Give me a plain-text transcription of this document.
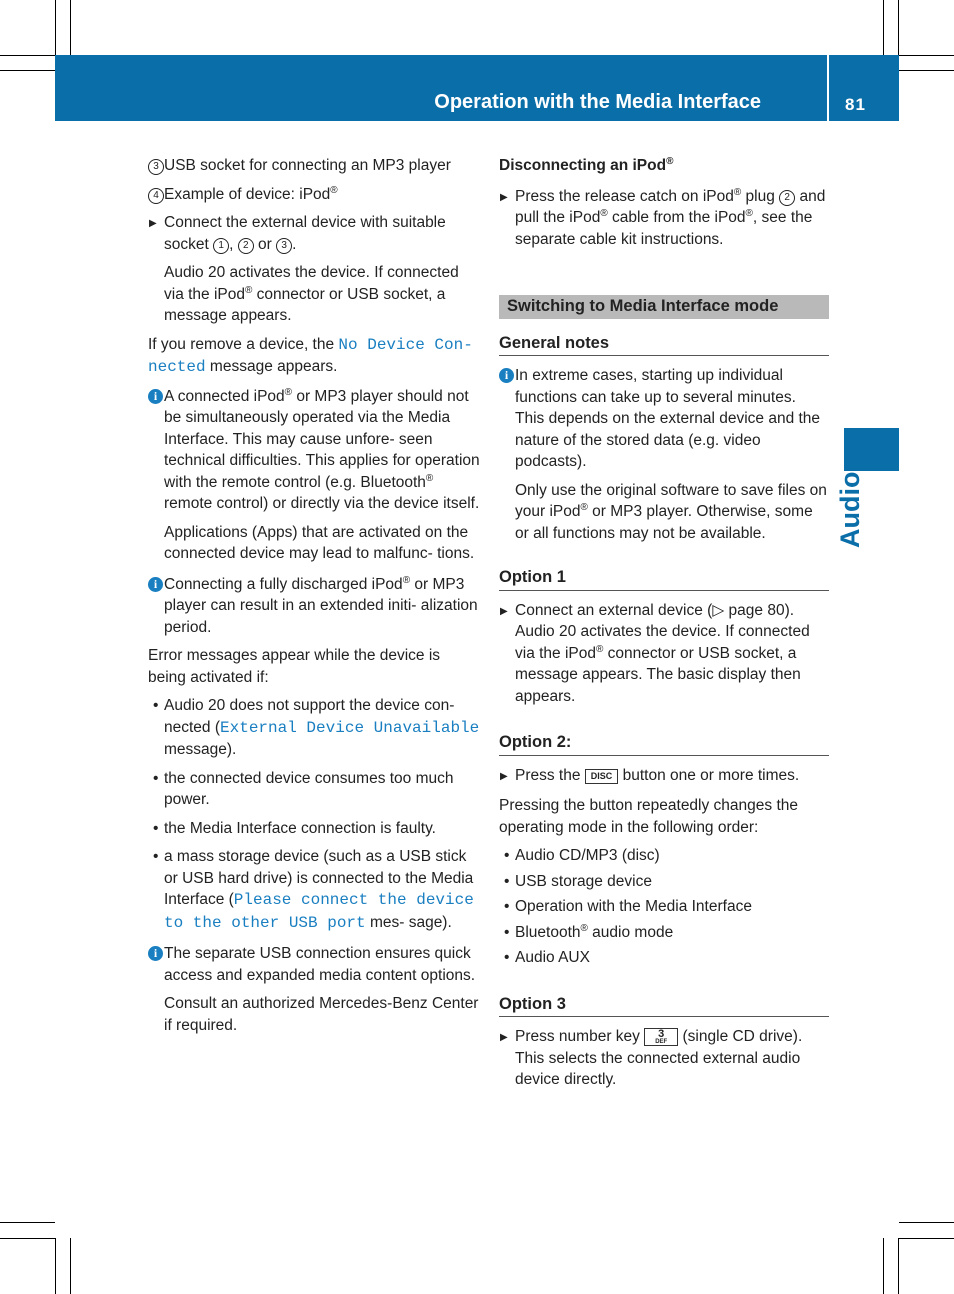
Operation with the Media Interface	81
Audio
3 USB socket for connecting an MP3 player
4 Example of device: iPod®
▶ Connect the external device with suitable socket 1 , 2 or 3 .
Audio 20 activates the device. If connected via the iPod® connector or USB socket, a message appears.
If you remove a device, the No Device Con- nected message appears.
i A connected iPod® or MP3 player should not be simultaneously operated via the Media Interface. This may cause unfore- seen technical difficulties. This applies for operation with the remote control (e.g. Bluetooth® remote control) or directly via the device itself.
Applications (Apps) that are activated on the connected device may lead to malfunc- tions.
i Connecting a fully discharged iPod® or MP3 player can result in an extended initi- alization period.
Error messages appear while the device is being activated if:
• Audio 20 does not support the device con- nected (External Device Unavailable message).
• the connected device consumes too much power.
• the Media Interface connection is faulty.
• a mass storage device (such as a USB stick or USB hard drive) is connected to the Media Interface (Please connect the device to the other USB port mes- sage).
i The separate USB connection ensures quick access and expanded media content options.
Consult an authorized Mercedes-Benz Center if required.
Disconnecting an iPod®
▶ Press the release catch on iPod® plug 2 and pull the iPod® cable from the iPod®, see the separate cable kit instructions.
Switching to Media Interface mode
General notes
i In extreme cases, starting up individual functions can take up to several minutes. This depends on the external device and the nature of the stored data (e.g. video podcasts).
Only use the original software to save files on your iPod® or MP3 player. Otherwise, some or all functions may not be available.
Option 1
▶ Connect an external device (▷ page 80).
Audio 20 activates the device. If connected via the iPod® connector or USB socket, a message appears. The basic display then appears.
Option 2:
▶ Press the DISC button one or more times.
Pressing the button repeatedly changes the operating mode in the following order:
• Audio CD/MP3 (disc)
• USB storage device
• Operation with the Media Interface
• Bluetooth® audio mode
• Audio AUX
Option 3
▶ Press number key 3
DEF (single CD drive).
This selects the connected external audio device directly.
